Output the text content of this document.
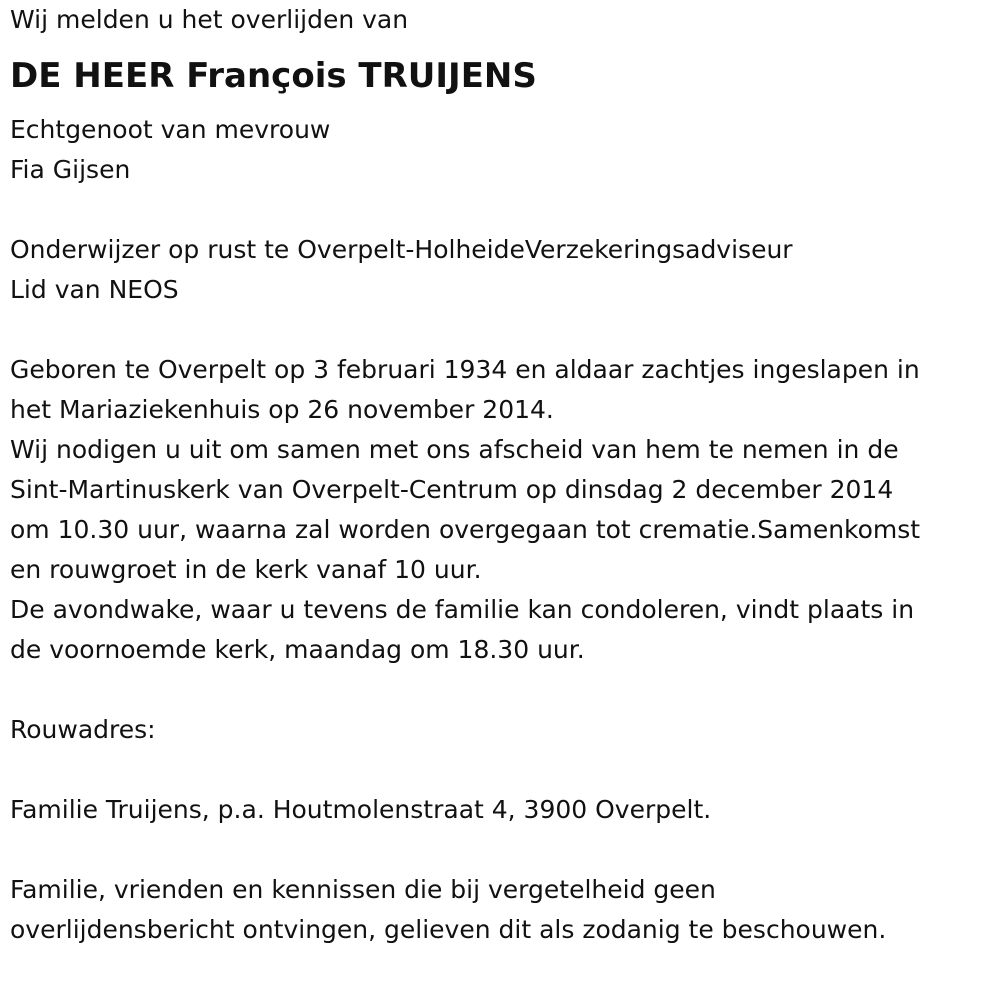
Wij melden u het overlijden van

DE HEER François TRUIJENS

Echtgenoot van mevrouw

Fia Gijsen

Onderwijzer op rust te Overpelt-HolheideVerzekeringsadviseur

Lid van NEOS

Geboren te Overpelt op 3 februari 1934 en aldaar zachtjes ingeslapen in

het Mariaziekenhuis op 26 november 2014.

Wij nodigen u uit om samen met ons afscheid van hem te nemen in de

Sint-Martinuskerk van Overpelt-Centrum op dinsdag 2 december 2014

om 10.30 uur, waarna zal worden overgegaan tot crematie.Samenkomst

en rouwgroet in de kerk vanaf 10 uur.

De avondwake, waar u tevens de familie kan condoleren, vindt plaats in

de voornoemde kerk, maandag om 18.30 uur.

Rouwadres:

Familie Truijens, p.a. Houtmolenstraat 4, 3900 Overpelt.

Familie, vrienden en kennissen die bij vergetelheid geen

overlijdensbericht ontvingen, gelieven dit als zodanig te beschouwen.
